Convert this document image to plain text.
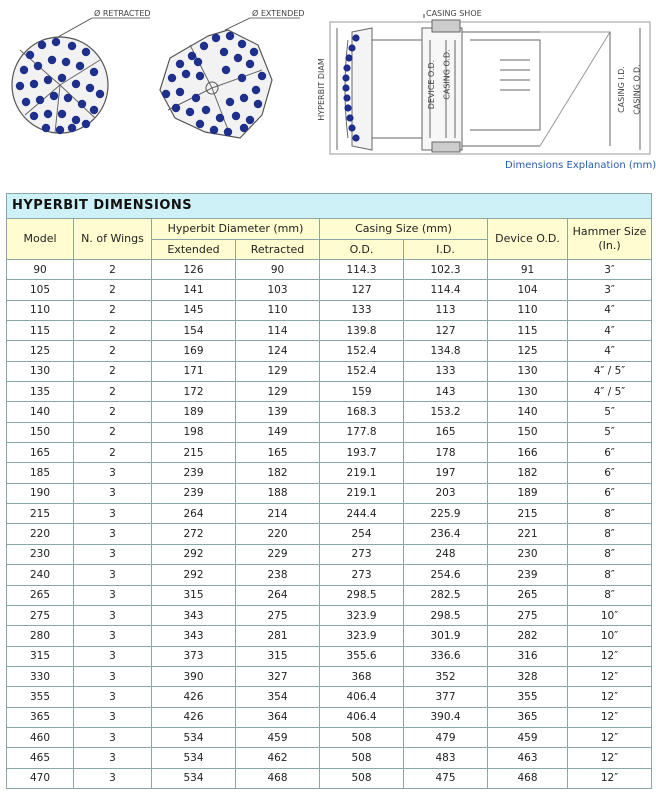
Ø RETRACTED	Ø EXTENDED	CASING SHOE
HYPERBIT DIAM	DEVICE O.D. CASING O.D.	CASING I.D. CASING O.D.
Dimensions Explanation (mm)
HYPERBIT DIMENSIONS							
Model	N. of Wings	Hyperbit Diameter (mm)		Casing Size (mm)		Device O.D.	Hammer Size (In.)
		Extended	Retracted	O.D.	I.D.		
90	2	126	90	114.3	102.3	91	3″
105	2	141	103	127	114.4	104	3″
110	2	145	110	133	113	110	4″
115	2	154	114	139.8	127	115	4″
125	2	169	124	152.4	134.8	125	4″
130	2	171	129	152.4	133	130	4″ / 5″
135	2	172	129	159	143	130	4″ / 5″
140	2	189	139	168.3	153.2	140	5″
150	2	198	149	177.8	165	150	5″
165	2	215	165	193.7	178	166	6″
185	3	239	182	219.1	197	182	6″
190	3	239	188	219.1	203	189	6″
215	3	264	214	244.4	225.9	215	8″
220	3	272	220	254	236.4	221	8″
230	3	292	229	273	248	230	8″
240	3	292	238	273	254.6	239	8″
265	3	315	264	298.5	282.5	265	8″
275	3	343	275	323.9	298.5	275	10″
280	3	343	281	323.9	301.9	282	10″
315	3	373	315	355.6	336.6	316	12″
330	3	390	327	368	352	328	12″
355	3	426	354	406.4	377	355	12″
365	3	426	364	406.4	390.4	365	12″
460	3	534	459	508	479	459	12″
465	3	534	462	508	483	463	12″
470	3	534	468	508	475	468	12″
